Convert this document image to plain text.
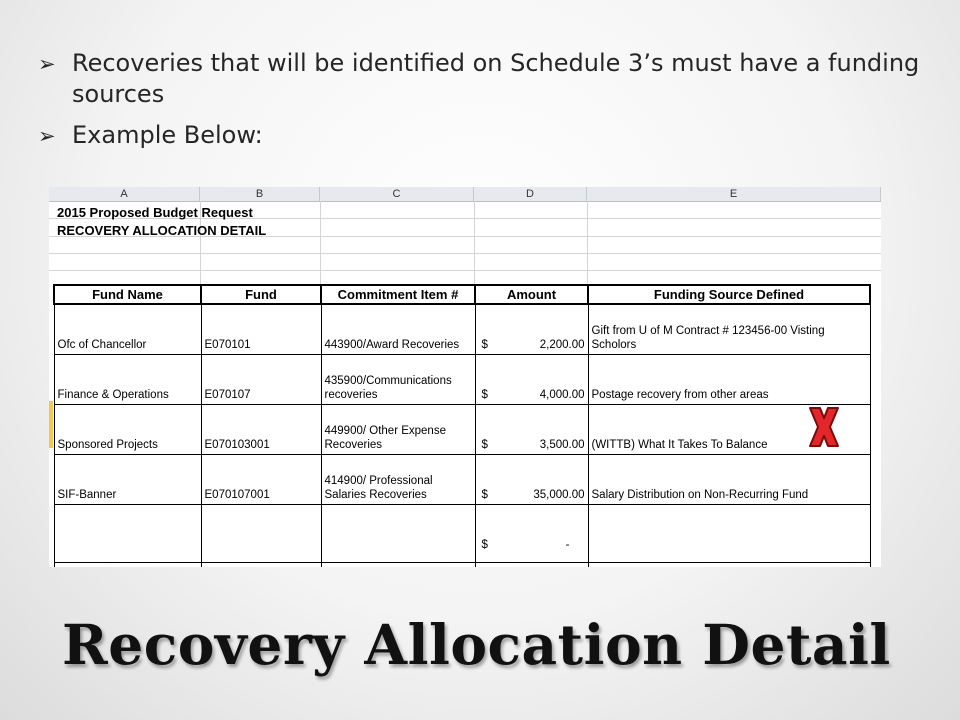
➢ Recoveries that will be identified on Schedule 3’s must have a funding sources
➢ Example Below:
A	B	C	D	E
2015 Proposed Budget Request
RECOVERY ALLOCATION DETAIL
Fund Name	Fund	Commitment Item #	Amount	Funding Source Defined
Ofc of Chancellor	E070101	443900/Award Recoveries	$ 2,200.00	Gift from U of M Contract # 123456-00 Visting Scholors
Finance & Operations	E070107	435900/Communications recoveries	$ 4,000.00	Postage recovery from other areas
Sponsored Projects	E070103001	449900/ Other Expense Recoveries	$ 3,500.00	(WITTB) What It Takes To Balance
SIF-Banner	E070107001	414900/ Professional Salaries Recoveries	$ 35,000.00	Salary Distribution on Non-Recurring Fund

			$ -	

Recovery Allocation Detail
